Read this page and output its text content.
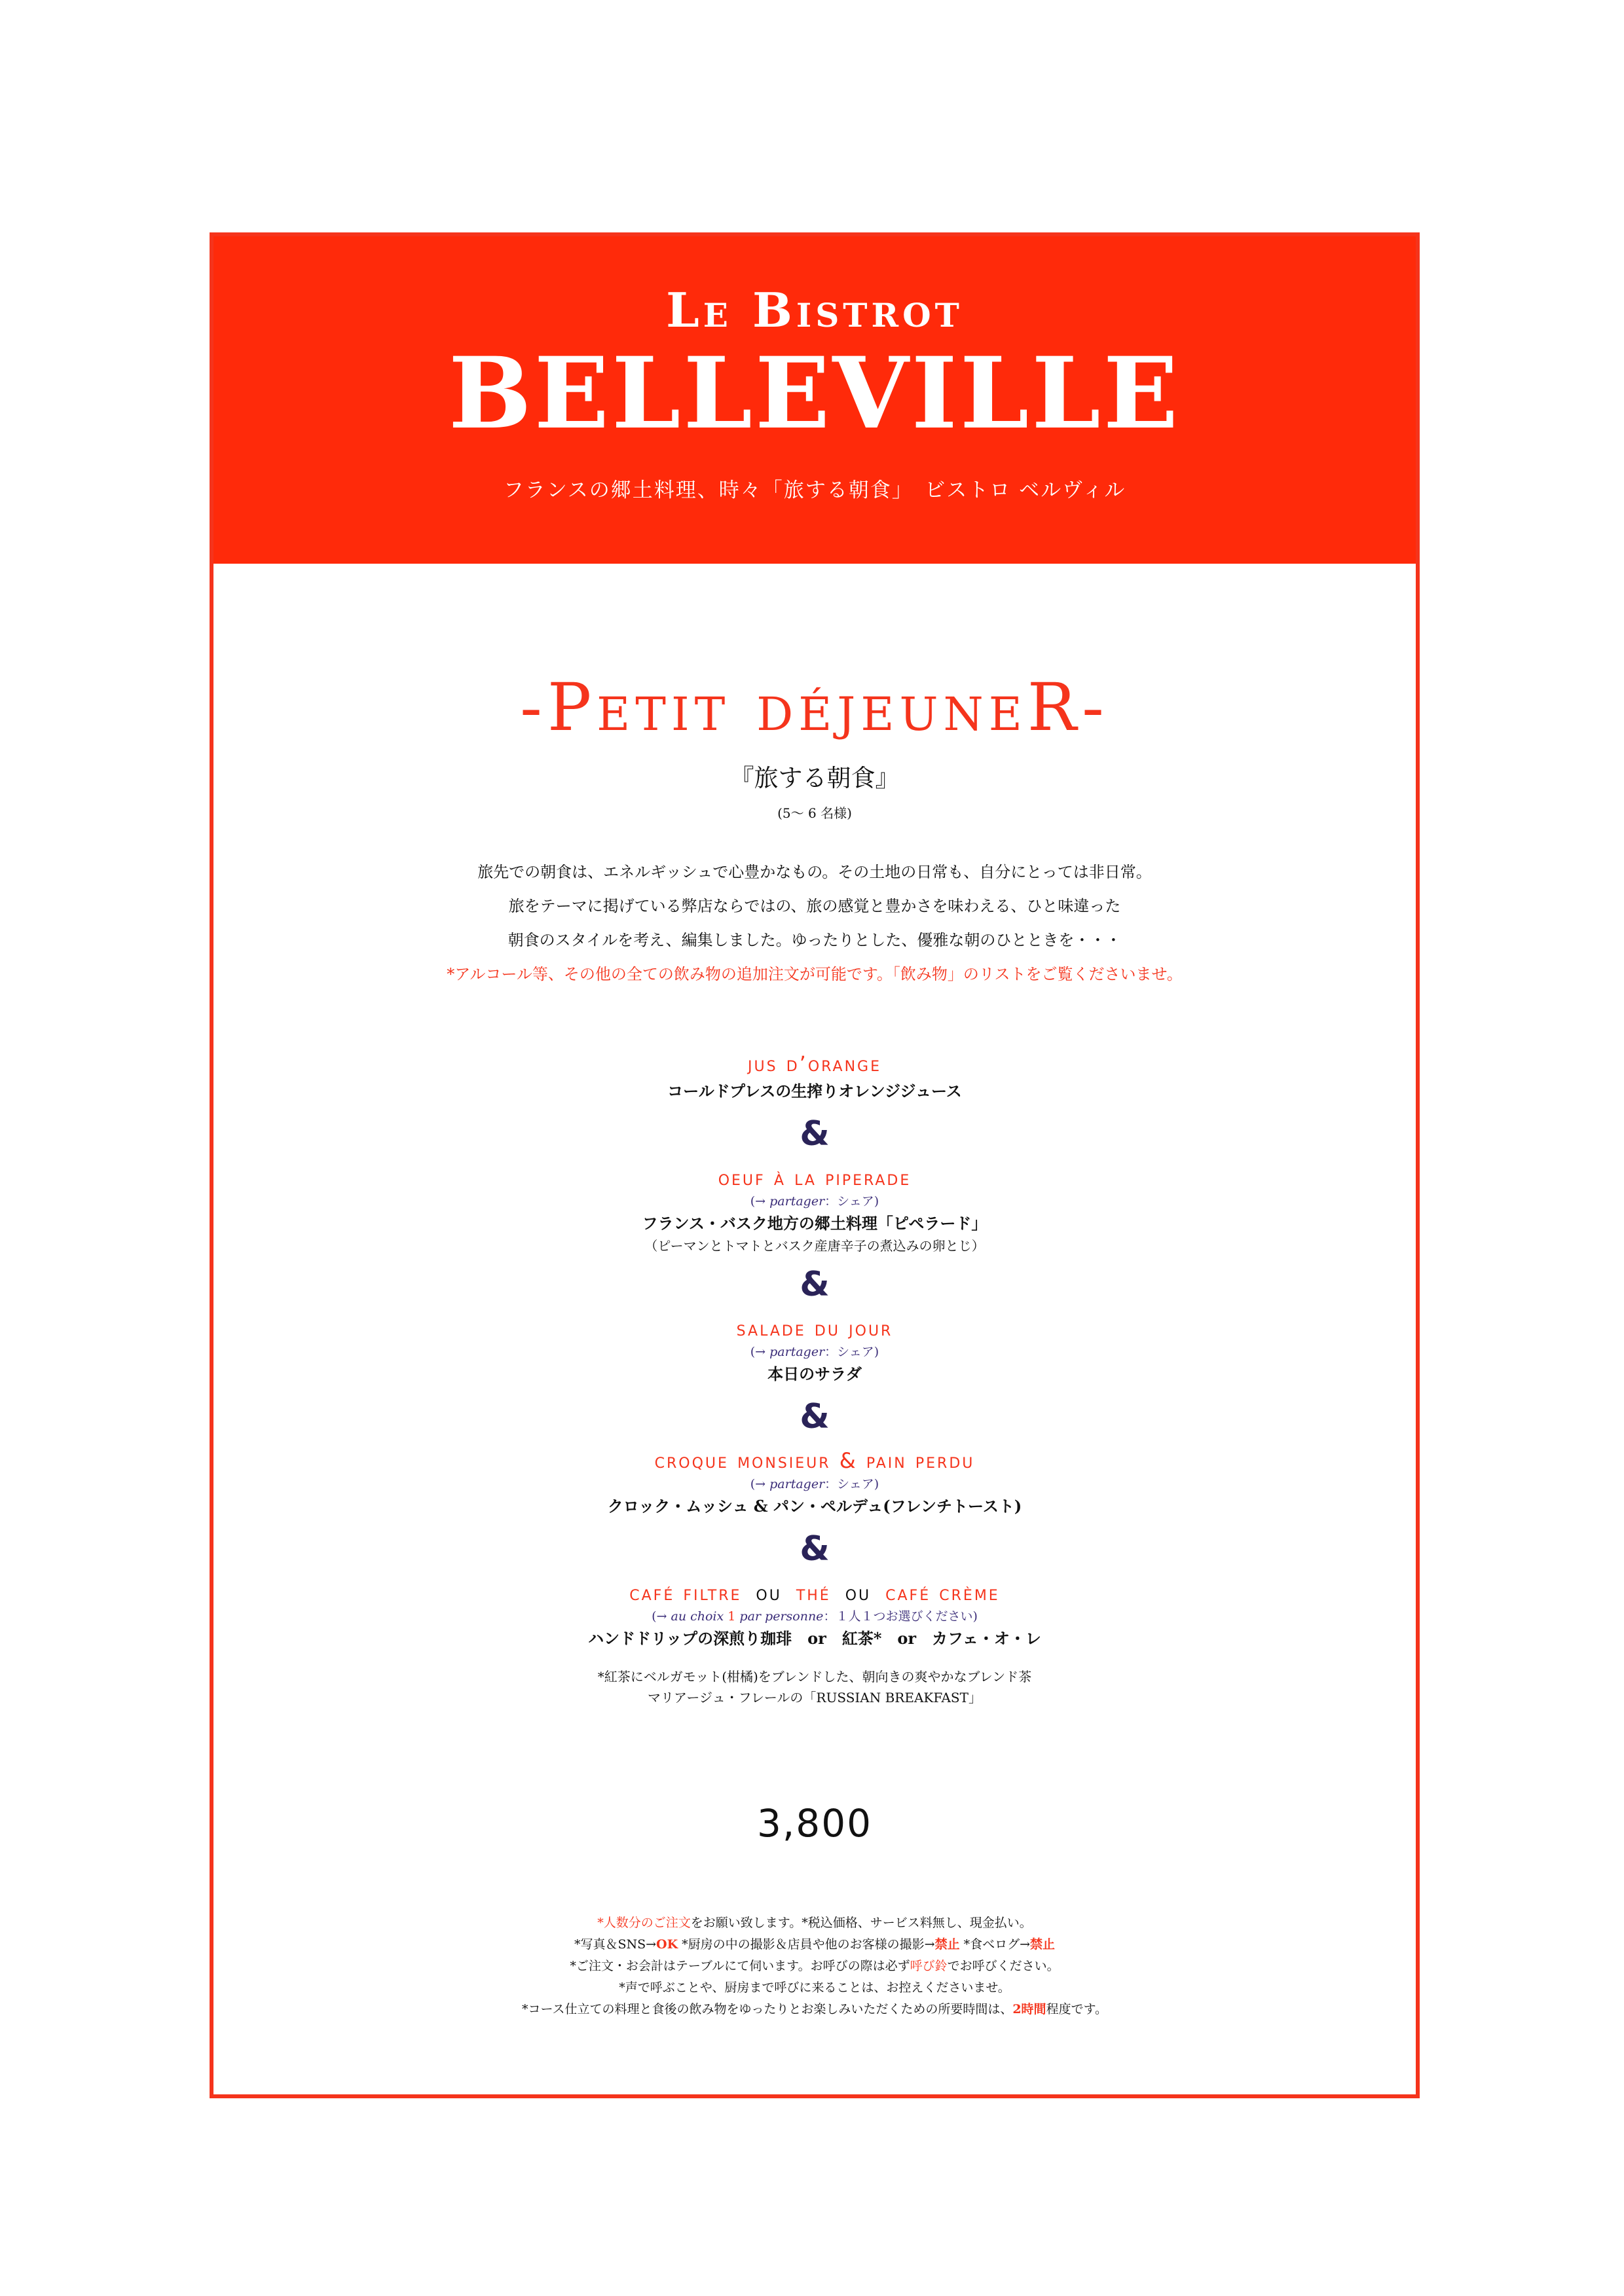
Le Bistrot
BELLEVILLE
フランスの郷土料理、時々「旅する朝食」　ビストロ ベルヴィル
-Petit déjeuneR-
『旅する朝食』
(5～ 6 名様)
旅先での朝食は、エネルギッシュで心豊かなもの。その土地の日常も、自分にとっては非日常。
旅をテーマに掲げている弊店ならではの、旅の感覚と豊かさを味わえる、ひと味違った
朝食のスタイルを考え、編集しました。ゆったりとした、優雅な朝のひとときを・・・
*アルコール等、その他の全ての飲み物の追加注文が可能です。「飲み物」のリストをご覧くださいませ。
jus d’orange
コールドプレスの生搾りオレンジジュース
&
oeuf à la piperade
(→ partager：シェア)
フランス・バスク地方の郷土料理「ピペラード」
（ピーマンとトマトとバスク産唐辛子の煮込みの卵とじ）
&
salade du jour
(→ partager：シェア)
本日のサラダ
&
croque monsieur & pain perdu
(→ partager：シェア)
クロック・ムッシュ & パン・ペルデュ(フレンチトースト)
&
café filtre ou thé ou café crème
(→ au choix 1 par personne：１人１つお選びください)
ハンドドリップの深煎り珈琲　or　紅茶*　or　カフェ・オ・レ
*紅茶にベルガモット(柑橘)をブレンドした、朝向きの爽やかなブレンド茶
マリアージュ・フレールの「RUSSIAN BREAKFAST」
3,800
*人数分のご注文をお願い致します。*税込価格、サービス料無し、現金払い。
*写真＆SNS→OK *厨房の中の撮影＆店員や他のお客様の撮影→禁止 *食べログ→禁止
*ご注文・お会計はテーブルにて伺います。お呼びの際は必ず呼び鈴でお呼びください。
*声で呼ぶことや、厨房まで呼びに来ることは、お控えくださいませ。
*コース仕立ての料理と食後の飲み物をゆったりとお楽しみいただくための所要時間は、2時間程度です。
